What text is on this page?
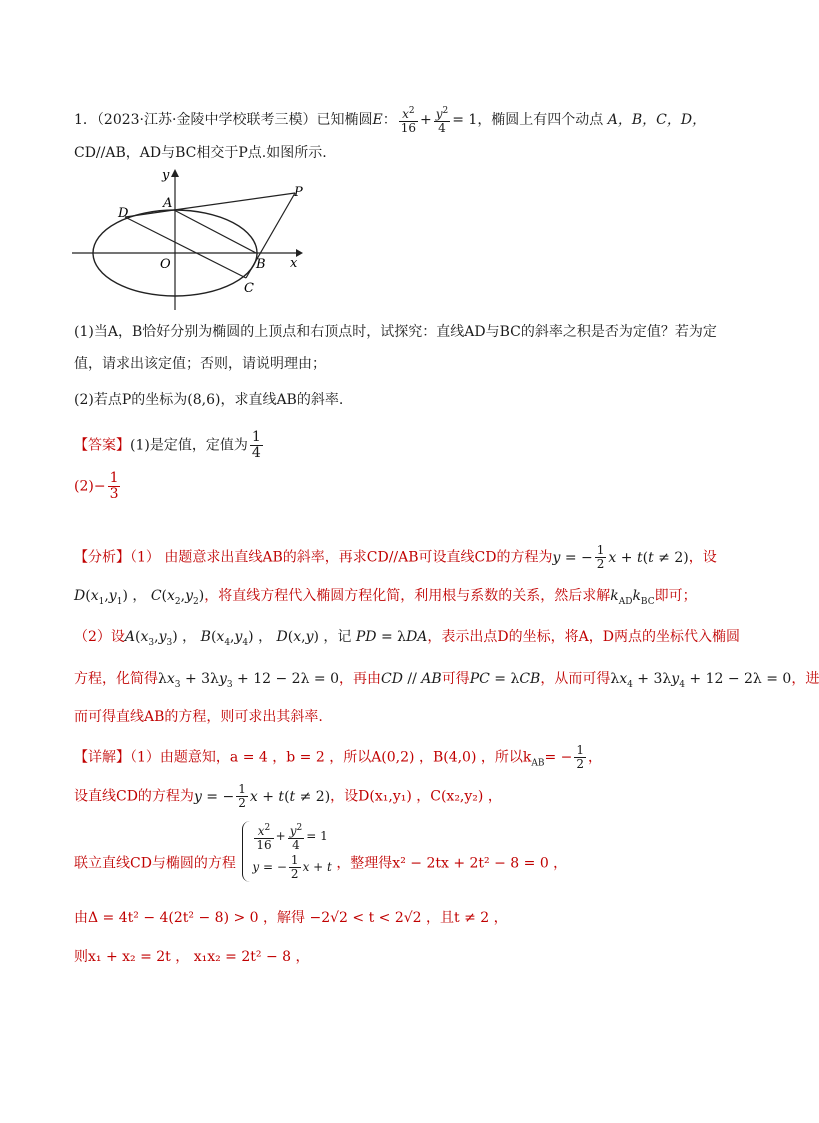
1．（2023·江苏·金陵中学校联考三模）已知椭圆E： $\frac{x^2}{16} + \frac{y^2}{4} = 1$，椭圆上有四个动点 A，B，C，D，
CD//AB，AD与BC相交于P点.如图所示.
y
x
O
A
B
C
D
P
(1)当A，B恰好分别为椭圆的上顶点和右顶点时，试探究：直线AD与BC的斜率之积是否为定值？若为定
值，请求出该定值；否则，请说明理由；
(2)若点P的坐标为(8,6)，求直线AB的斜率.
【答案】(1)是定值，定值为 $\frac{1}{4}$
$(2)- \frac{1}{3}$
【分析】（1） 由题意求出直线AB的斜率，再求CD//AB可设直线CD的方程为y = − $\frac{1}{2}$ x + t(t ≠ 2)，设
$D(x_1,y_1)$ ， $C(x_2,y_2)$，将直线方程代入椭圆方程化简，利用根与系数的关系，然后求解$k_{AD}k_{BC}$即可；
（2）设$A(x_3,y_3)$ ， $B(x_4,y_4)$ ， D(x,y) ，记 PD = λDA，表示出点D的坐标，将A，D两点的坐标代入椭圆
方程，化简得$\lambda x_3 + 3\lambda y_3 + 12 - 2\lambda = 0$，再由CD // AB可得PC = λCB，从而可得$\lambda x_4 + 3\lambda y_4 + 12 - 2\lambda = 0$，进
而可得直线AB的方程，则可求出其斜率.
【详解】（1）由题意知，a = 4 ，b = 2 ，所以A(0,2) ，B(4,0) ，所以$k_{AB}= - \frac{1}{2}$ ，
设直线CD的方程为y = − $\frac{1}{2}$ x + t(t ≠ 2)，设D(x₁,y₁) ，C(x₂,y₂) ，
联立直线CD与椭圆的方程
$\frac{x^2}{16} + \frac{y^2}{4} = 1$
y = − $\frac{1}{2}$ x + t ，整理得x² − 2tx + 2t² − 8 = 0 ，
由Δ = 4t² − 4(2t² − 8) > 0 ，解得 −2√2 < t < 2√2 ，且t ≠ 2 ，
则x₁ + x₂ = 2t ， x₁x₂ = 2t² − 8 ，
